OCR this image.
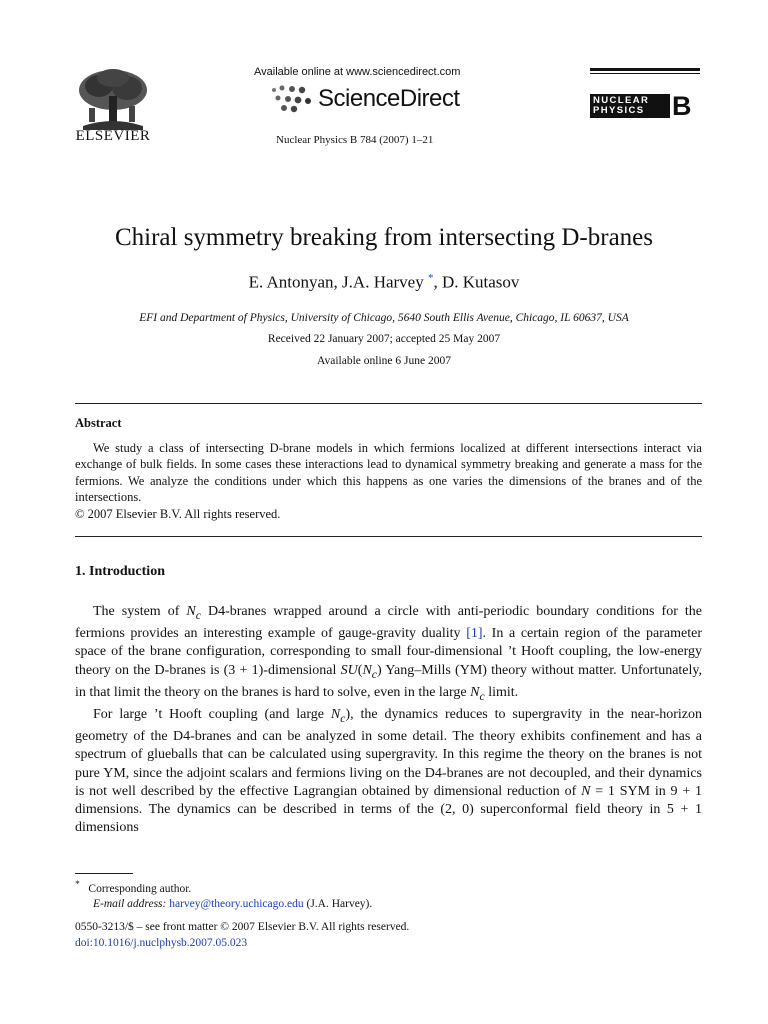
ELSEVIER
Available online at www.sciencedirect.com
ScienceDirect
Nuclear Physics B 784 (2007) 1–21
NUCLEAR PHYSICS	B
Chiral symmetry breaking from intersecting D-branes
E. Antonyan, J.A. Harvey *, D. Kutasov
EFI and Department of Physics, University of Chicago, 5640 South Ellis Avenue, Chicago, IL 60637, USA
Received 22 January 2007; accepted 25 May 2007
Available online 6 June 2007
Abstract

We study a class of intersecting D-brane models in which fermions localized at different intersections interact via exchange of bulk fields. In some cases these interactions lead to dynamical symmetry breaking and generate a mass for the fermions. We analyze the conditions under which this happens as one varies the dimensions of the branes and of the intersections.

© 2007 Elsevier B.V. All rights reserved.
1. Introduction

The system of $N_c$ D4-branes wrapped around a circle with anti-periodic boundary conditions for the fermions provides an interesting example of gauge-gravity duality [1]. In a certain region of the parameter space of the brane configuration, corresponding to small four-dimensional ’t Hooft coupling, the low-energy theory on the D-branes is (3 + 1)-dimensional $SU(N_c)$ Yang–Mills (YM) theory without matter. Unfortunately, in that limit the theory on the branes is hard to solve, even in the large $N_c$ limit.

For large ’t Hooft coupling (and large $N_c$), the dynamics reduces to supergravity in the near-horizon geometry of the D4-branes and can be analyzed in some detail. The theory exhibits confinement and has a spectrum of glueballs that can be calculated using supergravity. In this regime the theory on the branes is not pure YM, since the adjoint scalars and fermions living on the D4-branes are not decoupled, and their dynamics is not well described by the effective Lagrangian obtained by dimensional reduction of N = 1 SYM in 9 + 1 dimensions. The dynamics can be described in terms of the (2, 0) superconformal field theory in 5 + 1 dimensions

* Corresponding author.
E-mail address: harvey@theory.uchicago.edu (J.A. Harvey).
0550-3213/$ – see front matter © 2007 Elsevier B.V. All rights reserved.
doi:10.1016/j.nuclphysb.2007.05.023
